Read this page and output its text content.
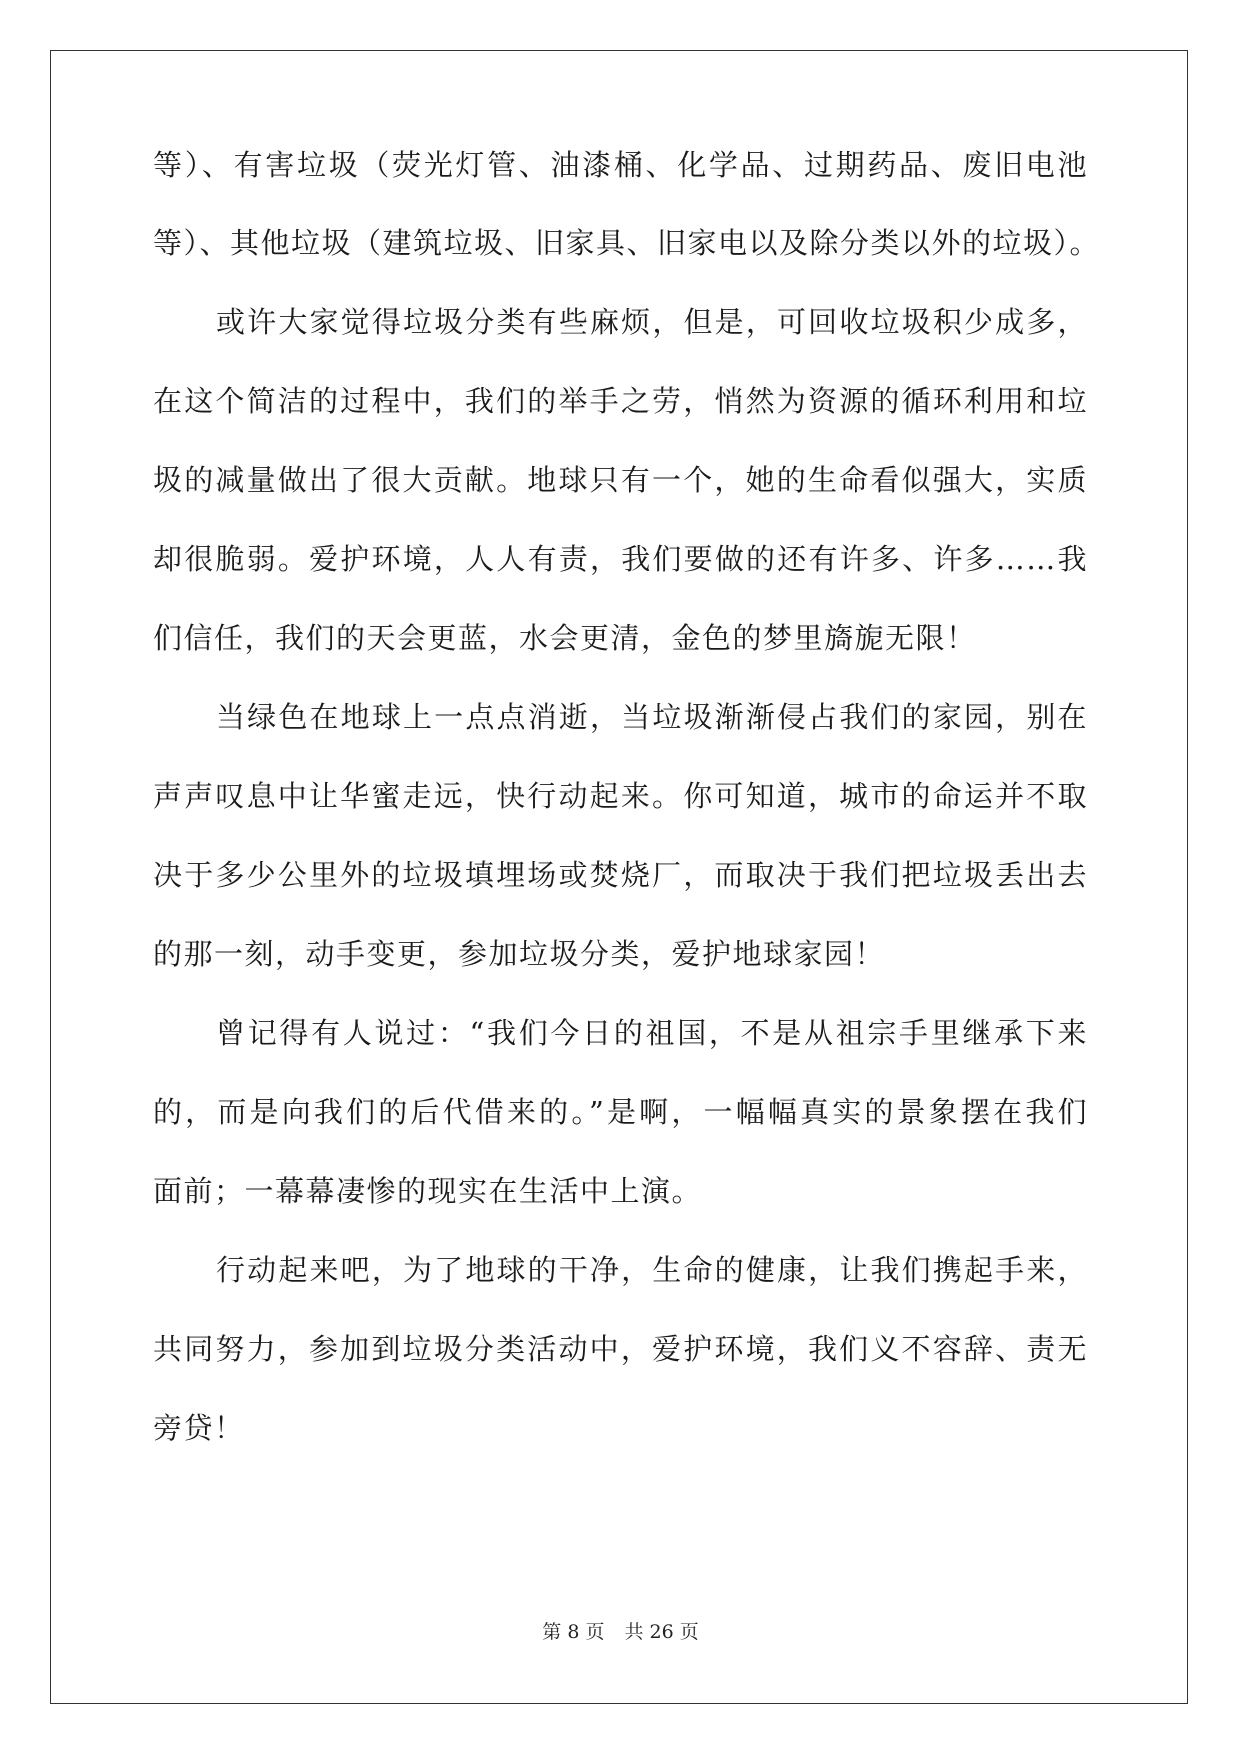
等）、有害垃圾（荧光灯管、油漆桶、化学品、过期药品、废旧电池
等）、其他垃圾（建筑垃圾、旧家具、旧家电以及除分类以外的垃圾）。
或许大家觉得垃圾分类有些麻烦，但是，可回收垃圾积少成多，
在这个简洁的过程中，我们的举手之劳，悄然为资源的循环利用和垃
圾的减量做出了很大贡献。地球只有一个，她的生命看似强大，实质
却很脆弱。爱护环境，人人有责，我们要做的还有许多、许多……我
们信任，我们的天会更蓝，水会更清，金色的梦里旖旎无限！
当绿色在地球上一点点消逝，当垃圾渐渐侵占我们的家园，别在
声声叹息中让华蜜走远，快行动起来。你可知道，城市的命运并不取
决于多少公里外的垃圾填埋场或焚烧厂，而取决于我们把垃圾丢出去
的那一刻，动手变更，参加垃圾分类，爱护地球家园！
曾记得有人说过：“我们今日的祖国，不是从祖宗手里继承下来
的，而是向我们的后代借来的。”是啊，一幅幅真实的景象摆在我们
面前；一幕幕凄惨的现实在生活中上演。
行动起来吧，为了地球的干净，生命的健康，让我们携起手来，
共同努力，参加到垃圾分类活动中，爱护环境，我们义不容辞、责无
旁贷！
第 8 页 共 26 页
